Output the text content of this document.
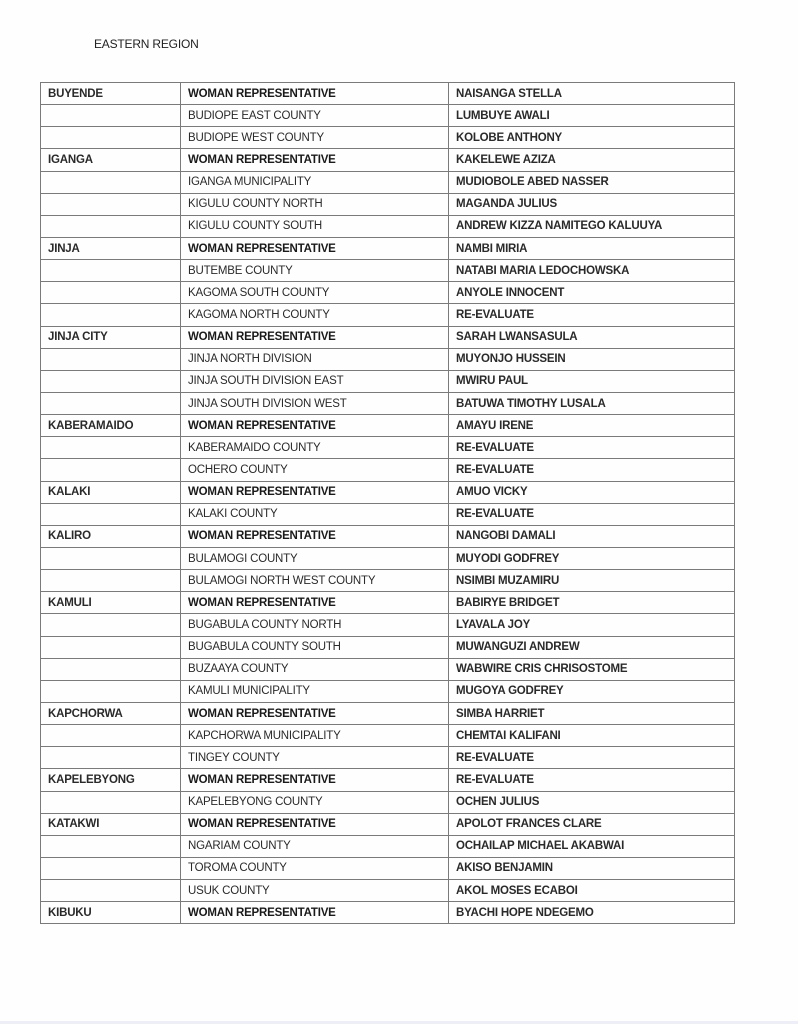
EASTERN REGION
BUYENDE	WOMAN REPRESENTATIVE	NAISANGA STELLA
	BUDIOPE EAST COUNTY	LUMBUYE AWALI
	BUDIOPE WEST COUNTY	KOLOBE ANTHONY
IGANGA	WOMAN REPRESENTATIVE	KAKELEWE AZIZA
	IGANGA MUNICIPALITY	MUDIOBOLE ABED NASSER
	KIGULU COUNTY NORTH	MAGANDA JULIUS
	KIGULU COUNTY SOUTH	ANDREW KIZZA NAMITEGO KALUUYA
JINJA	WOMAN REPRESENTATIVE	NAMBI MIRIA
	BUTEMBE COUNTY	NATABI MARIA LEDOCHOWSKA
	KAGOMA SOUTH COUNTY	ANYOLE INNOCENT
	KAGOMA NORTH COUNTY	RE-EVALUATE
JINJA CITY	WOMAN REPRESENTATIVE	SARAH LWANSASULA
	JINJA NORTH DIVISION	MUYONJO HUSSEIN
	JINJA SOUTH DIVISION EAST	MWIRU PAUL
	JINJA SOUTH DIVISION WEST	BATUWA TIMOTHY LUSALA
KABERAMAIDO	WOMAN REPRESENTATIVE	AMAYU IRENE
	KABERAMAIDO COUNTY	RE-EVALUATE
	OCHERO COUNTY	RE-EVALUATE
KALAKI	WOMAN REPRESENTATIVE	AMUO VICKY
	KALAKI COUNTY	RE-EVALUATE
KALIRO	WOMAN REPRESENTATIVE	NANGOBI DAMALI
	BULAMOGI COUNTY	MUYODI GODFREY
	BULAMOGI NORTH WEST COUNTY	NSIMBI MUZAMIRU
KAMULI	WOMAN REPRESENTATIVE	BABIRYE BRIDGET
	BUGABULA COUNTY NORTH	LYAVALA JOY
	BUGABULA COUNTY SOUTH	MUWANGUZI ANDREW
	BUZAAYA COUNTY	WABWIRE CRIS CHRISOSTOME
	KAMULI MUNICIPALITY	MUGOYA GODFREY
KAPCHORWA	WOMAN REPRESENTATIVE	SIMBA HARRIET
	KAPCHORWA MUNICIPALITY	CHEMTAI KALIFANI
	TINGEY COUNTY	RE-EVALUATE
KAPELEBYONG	WOMAN REPRESENTATIVE	RE-EVALUATE
	KAPELEBYONG COUNTY	OCHEN JULIUS
KATAKWI	WOMAN REPRESENTATIVE	APOLOT FRANCES CLARE
	NGARIAM COUNTY	OCHAILAP MICHAEL AKABWAI
	TOROMA COUNTY	AKISO BENJAMIN
	USUK COUNTY	AKOL MOSES ECABOI
KIBUKU	WOMAN REPRESENTATIVE	BYACHI HOPE NDEGEMO
